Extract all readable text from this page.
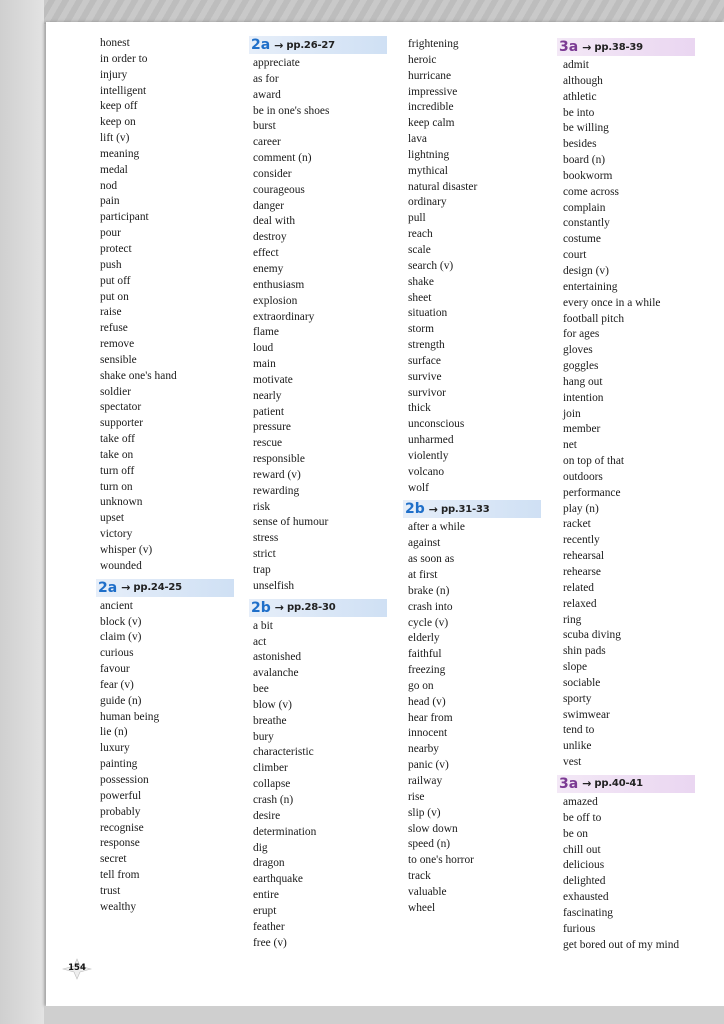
honest
in order to
injury
intelligent
keep off
keep on
lift (v)
meaning
medal
nod
pain
participant
pour
protect
push
put off
put on
raise
refuse
remove
sensible
shake one's hand
soldier
spectator
supporter
take off
take on
turn off
turn on
unknown
upset
victory
whisper (v)
wounded
2a → pp.24-25
ancient
block (v)
claim (v)
curious
favour
fear (v)
guide (n)
human being
lie (n)
luxury
painting
possession
powerful
probably
recognise
response
secret
tell from
trust
wealthy
2a → pp.26-27
appreciate
as for
award
be in one's shoes
burst
career
comment (n)
consider
courageous
danger
deal with
destroy
effect
enemy
enthusiasm
explosion
extraordinary
flame
loud
main
motivate
nearly
patient
pressure
rescue
responsible
reward (v)
rewarding
risk
sense of humour
stress
strict
trap
unselfish
2b → pp.28-30
a bit
act
astonished
avalanche
bee
blow (v)
breathe
bury
characteristic
climber
collapse
crash (n)
desire
determination
dig
dragon
earthquake
entire
erupt
feather
free (v)
frightening
heroic
hurricane
impressive
incredible
keep calm
lava
lightning
mythical
natural disaster
ordinary
pull
reach
scale
search (v)
shake
sheet
situation
storm
strength
surface
survive
survivor
thick
unconscious
unharmed
violently
volcano
wolf
2b → pp.31-33
after a while
against
as soon as
at first
brake (n)
crash into
cycle (v)
elderly
faithful
freezing
go on
head (v)
hear from
innocent
nearby
panic (v)
railway
rise
slip (v)
slow down
speed (n)
to one's horror
track
valuable
wheel
3a → pp.38-39
admit
although
athletic
be into
be willing
besides
board (n)
bookworm
come across
complain
constantly
costume
court
design (v)
entertaining
every once in a while
football pitch
for ages
gloves
goggles
hang out
intention
join
member
net
on top of that
outdoors
performance
play (n)
racket
recently
rehearsal
rehearse
related
relaxed
ring
scuba diving
shin pads
slope
sociable
sporty
swimwear
tend to
unlike
vest
3a → pp.40-41
amazed
be off to
be on
chill out
delicious
delighted
exhausted
fascinating
furious
get bored out of my mind
154
